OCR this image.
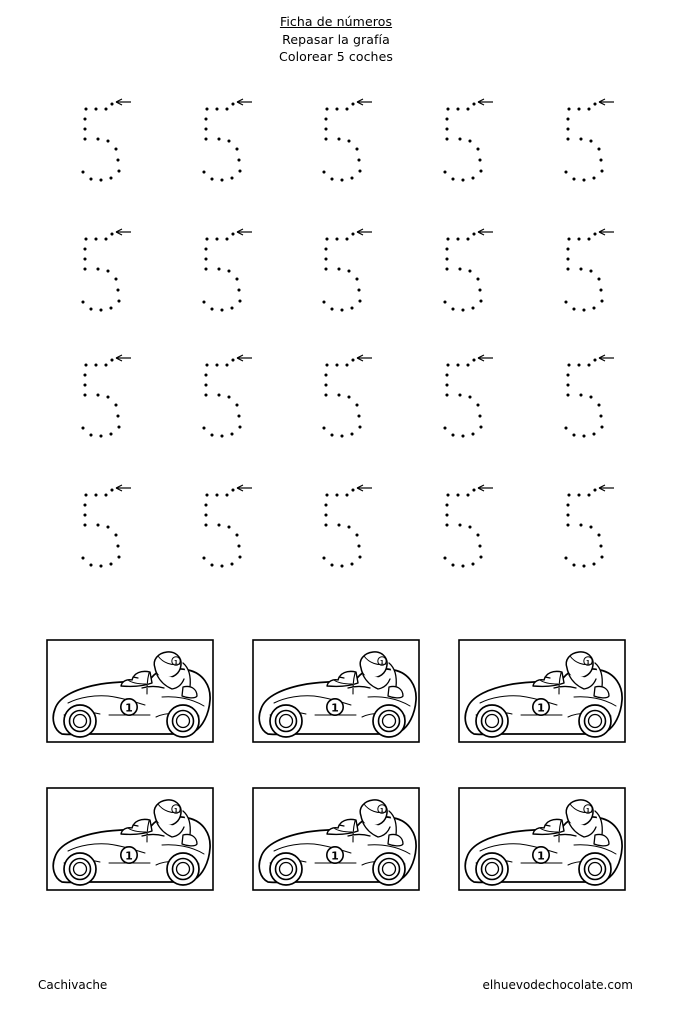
Ficha de números
Repasar la grafía
Colorear 5 coches
1
1
1
1
1
1
1
1
1
1
1
1
Cachivache	elhuevodechocolate.com
